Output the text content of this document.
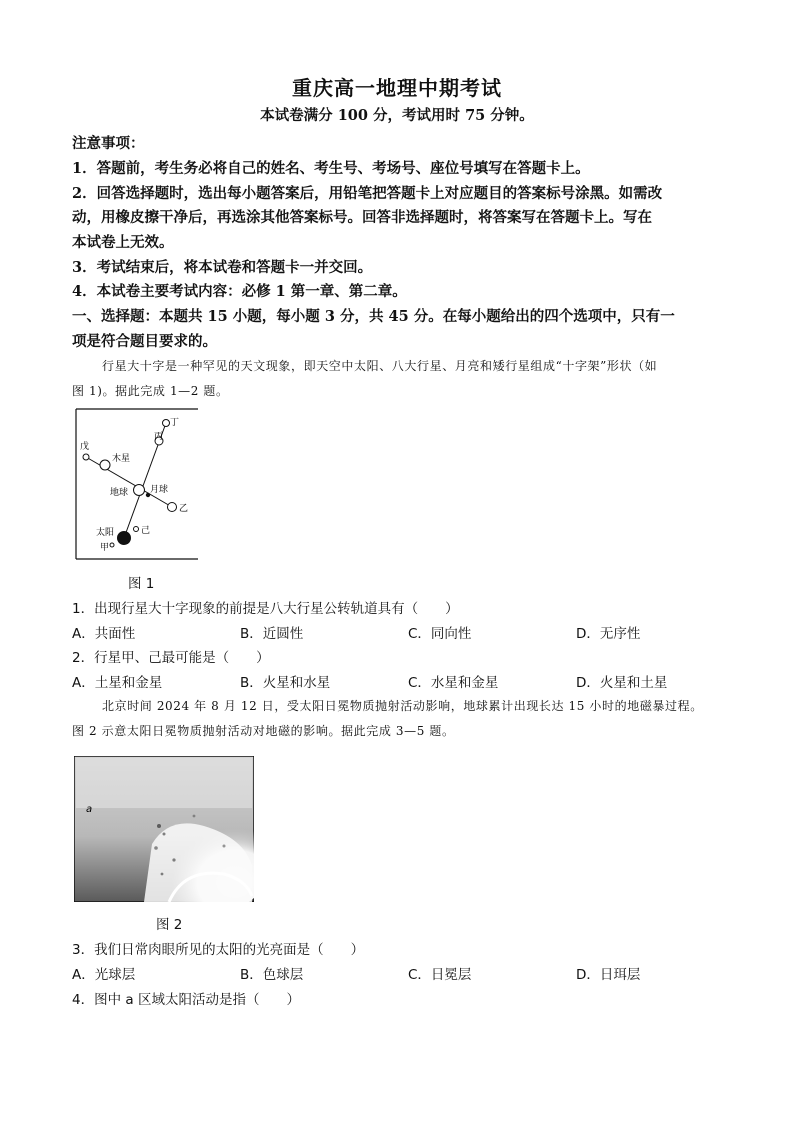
重庆高一地理中期考试
本试卷满分 100 分，考试用时 75 分钟。
注意事项：
1．答题前，考生务必将自己的姓名、考生号、考场号、座位号填写在答题卡上。
2．回答选择题时，选出每小题答案后，用铅笔把答题卡上对应题目的答案标号涂黑。如需改
动，用橡皮擦干净后，再选涂其他答案标号。回答非选择题时，将答案写在答题卡上。写在
本试卷上无效。
3．考试结束后，将本试卷和答题卡一并交回。
4．本试卷主要考试内容：必修 1 第一章、第二章。
一、选择题：本题共 15 小题，每小题 3 分，共 45 分。在每小题给出的四个选项中，只有一
项是符合题目要求的。
行星大十字是一种罕见的天文现象，即天空中太阳、八大行星、月亮和矮行星组成“十字架”形状（如
图 1)。据此完成 1—2 题。
丁
丙
戊
木星
地球 月球
乙
太阳	己
甲
图 1
1．出现行星大十字现象的前提是八大行星公转轨道具有（　　）
A．共面性	B．近圆性	C．同向性	D．无序性
2．行星甲、己最可能是（　　）
A．土星和金星	B．火星和水星	C．水星和金星	D．火星和土星
北京时间 2024 年 8 月 12 日，受太阳日冕物质抛射活动影响，地球累计出现长达 15 小时的地磁暴过程。
图 2 示意太阳日冕物质抛射活动对地磁的影响。据此完成 3—5 题。
a
图 2
3．我们日常肉眼所见的太阳的光亮面是（　　）
A．光球层	B．色球层	C．日冕层	D．日珥层
4．图中 a 区域太阳活动是指（　　）
